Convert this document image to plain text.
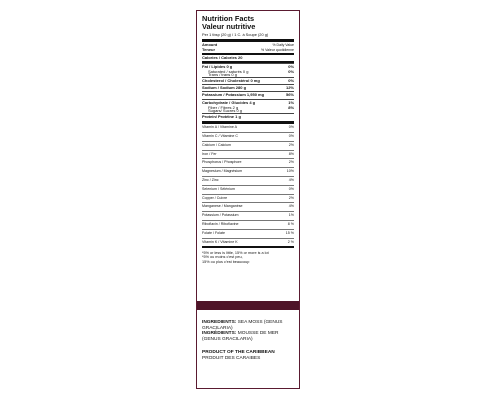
Nutrition Facts
Valeur nutritive
Per 1 tbsp (20 g) / 1 C. à Soupe (20 g)
Amount
Teneur
% Daily Value
% Valeur quotidienne
Calories / Calories 20
Fat / Lipides 0 g	0%
Saturated / saturés 0 g	0%
Trans / trans 0 g
Cholesterol / Cholestérol 0 mg	0%
Sodium / Sodium 280 g	12%
Potassium / Potassium 1,950 mg	56%
Carbohydrate / Glucides 4 g	1%
Fiber / Fibres 2 g	8%
Sugars/ Sucres 0 g
Protein/ Protéine 1 g
Vitamin A / Vitamine A	0%
Vitamin C / Vitamine C	0%
Calcium / Calcium	2%
Iron / Fer	8%
Phosphorus / Phosphore	2%
Magnesium / Magnésium	10%
Zinc / Zinc	4%
Selenium / Sélénium	0%
Copper / Cuivre	2%
Manganese / Manganèse	4%
Potassium / Potassium	1%
Riboflavin / Riboflavine	8 %
Folate / Folate	15 %
Vitamin K / Vitamine K	2 %
*5% or less is little, 15% or more is a lot
*5% ou moins c'est peu,
15% ou plus c'est beaucoup
INGREDIENTS: SEA MOSS (GENUS GRACILARIA)
INGRÉDIENTS: MOUSSE DE MER (GENUS GRACILARIA)
PRODUCT OF THE CARIBBEAN
PRODUIT DES CARAIBES
